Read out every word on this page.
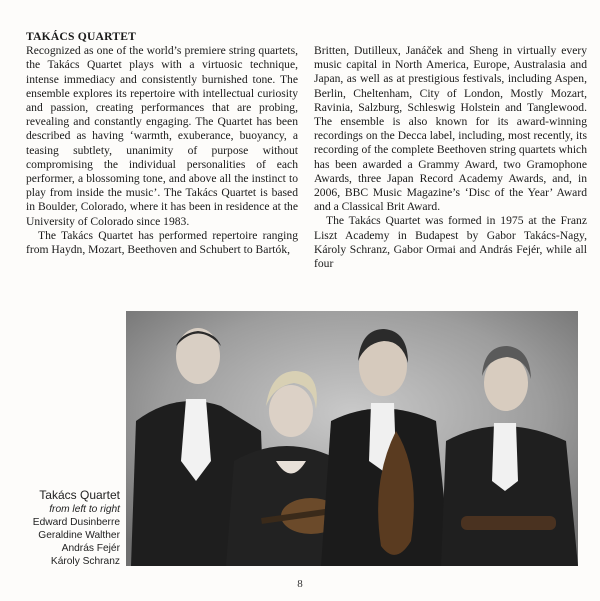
TAKÁCS QUARTET

Recognized as one of the world’s premiere string quartets, the Takács Quartet plays with a virtuosic technique, intense immediacy and consistently burnished tone. The ensemble explores its repertoire with intellectual curiosity and passion, creating performances that are probing, revealing and constantly engaging. The Quartet has been described as having ‘warmth, exuberance, buoyancy, a teasing subtlety, unanimity of purpose without compromising the individual personalities of each performer, a blossoming tone, and above all the instinct to play from inside the music’. The Takács Quartet is based in Boulder, Colorado, where it has been in residence at the University of Colorado since 1983.

The Takács Quartet has performed repertoire ranging from Haydn, Mozart, Beethoven and Schubert to Bartók,

Britten, Dutilleux, Janáček and Sheng in virtually every music capital in North America, Europe, Australasia and Japan, as well as at prestigious festivals, including Aspen, Berlin, Cheltenham, City of London, Mostly Mozart, Ravinia, Salzburg, Schleswig Holstein and Tanglewood. The ensemble is also known for its award-winning recordings on the Decca label, including, most recently, its recording of the complete Beethoven string quartets which has been awarded a Grammy Award, two Gramophone Awards, three Japan Record Academy Awards, and, in 2006, BBC Music Magazine’s ‘Disc of the Year’ Award and a Classical Brit Award.

The Takács Quartet was formed in 1975 at the Franz Liszt Academy in Budapest by Gabor Takács-Nagy, Károly Schranz, Gabor Ormai and András Fejér, while all four

Takács Quartet
from left to right
Edward Dusinberre
Geraldine Walther
András Fejér
Károly Schranz
8
